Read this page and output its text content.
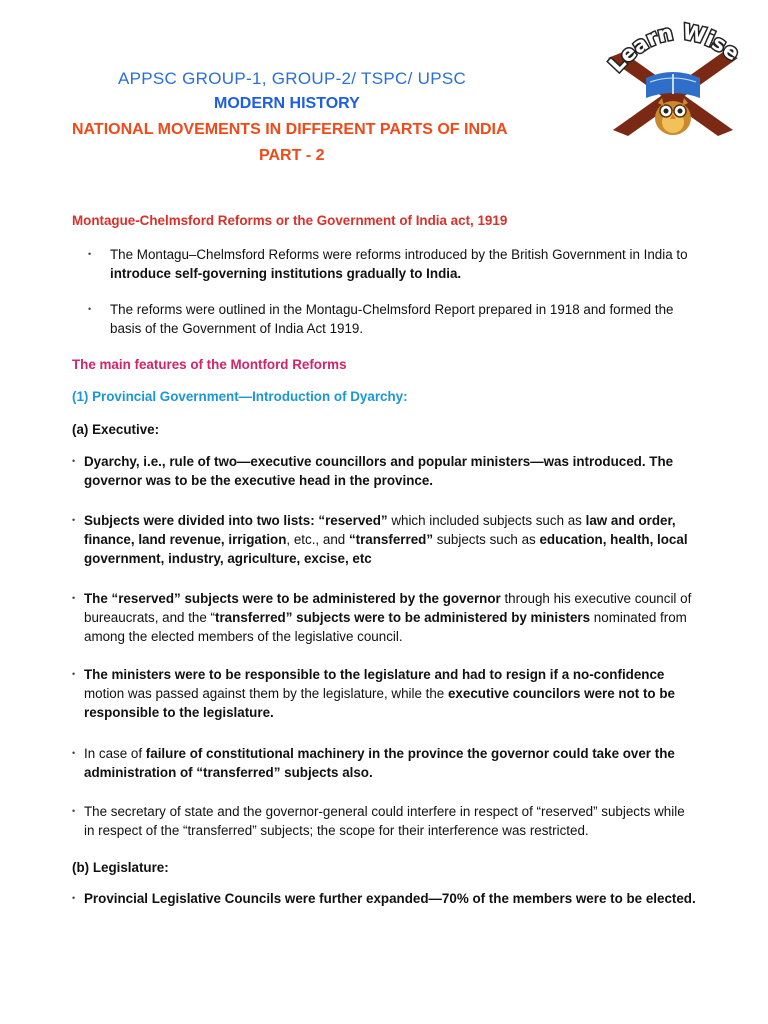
APPSC GROUP-1, GROUP-2/ TSPC/ UPSC
MODERN HISTORY
NATIONAL MOVEMENTS IN DIFFERENT PARTS OF INDIA
PART - 2
Learn Wise
Montague-Chelmsford Reforms or the Government of India act, 1919
• The Montagu–Chelmsford Reforms were reforms introduced by the British Government in India to introduce self-governing institutions gradually to India.
• The reforms were outlined in the Montagu-Chelmsford Report prepared in 1918 and formed the basis of the Government of India Act 1919.
The main features of the Montford Reforms
(1) Provincial Government—Introduction of Dyarchy:
(a) Executive:
• Dyarchy, i.e., rule of two—executive councillors and popular ministers—was introduced. The governor was to be the executive head in the province.
• Subjects were divided into two lists: “reserved” which included subjects such as law and order, finance, land revenue, irrigation, etc., and “transferred” subjects such as education, health, local government, industry, agriculture, excise, etc
• The “reserved” subjects were to be administered by the governor through his executive council of bureaucrats, and the “transferred” subjects were to be administered by ministers nominated from among the elected members of the legislative council.
• The ministers were to be responsible to the legislature and had to resign if a no-confidence motion was passed against them by the legislature, while the executive councilors were not to be responsible to the legislature.
• In case of failure of constitutional machinery in the province the governor could take over the administration of “transferred” subjects also.
• The secretary of state and the governor-general could interfere in respect of “reserved” subjects while in respect of the “transferred” subjects; the scope for their interference was restricted.
(b) Legislature:
• Provincial Legislative Councils were further expanded—70% of the members were to be elected.
